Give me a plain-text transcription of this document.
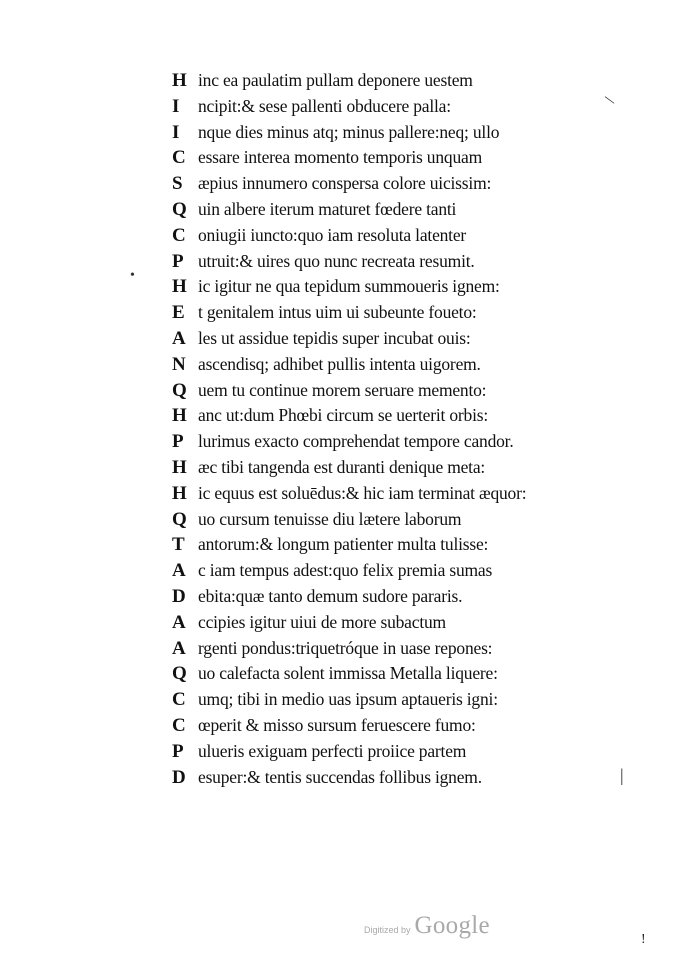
H inc ea paulatim pullam deponere uestem
I ncipit:& sese pallenti obducere palla:
I nque dies minus atq; minus pallere:neq; ullo
C essare interea momento temporis unquam
S æpius innumero conspersa colore uicissim:
Q uin albere iterum maturet fœdere tanti
C oniugii iuncto:quo iam resoluta latenter
P utruit:& uires quo nunc recreata resumit.
H ic igitur ne qua tepidum summoueris ignem:
E t genitalem intus uim ui subeunte foueto:
A les ut assidue tepidis super incubat ouis:
N ascendisq; adhibet pullis intenta uigorem.
Q uem tu continue morem seruare memento:
H anc ut:dum Phœbi circum se uerterit orbis:
P lurimus exacto comprehendat tempore candor.
H æc tibi tangenda est duranti denique meta:
H ic equus est soluēdus:& hic iam terminat æquor:
Q uo cursum tenuisse diu lætere laborum
T antorum:& longum patienter multa tulisse:
A c iam tempus adest:quo felix premia sumas
D ebita:quæ tanto demum sudore pararis.
A ccipies igitur uiui de more subactum
A rgenti pondus:triquetróque in uase repones:
Q uo calefacta solent immissa Metalla liquere:
C umq; tibi in medio uas ipsum aptaueris igni:
C œperit & misso sursum feruescere fumo:
P ulueris exiguam perfecti proiice partem
D esuper:& tentis succendas follibus ignem.
\
•
|
Digitized by Google
!
